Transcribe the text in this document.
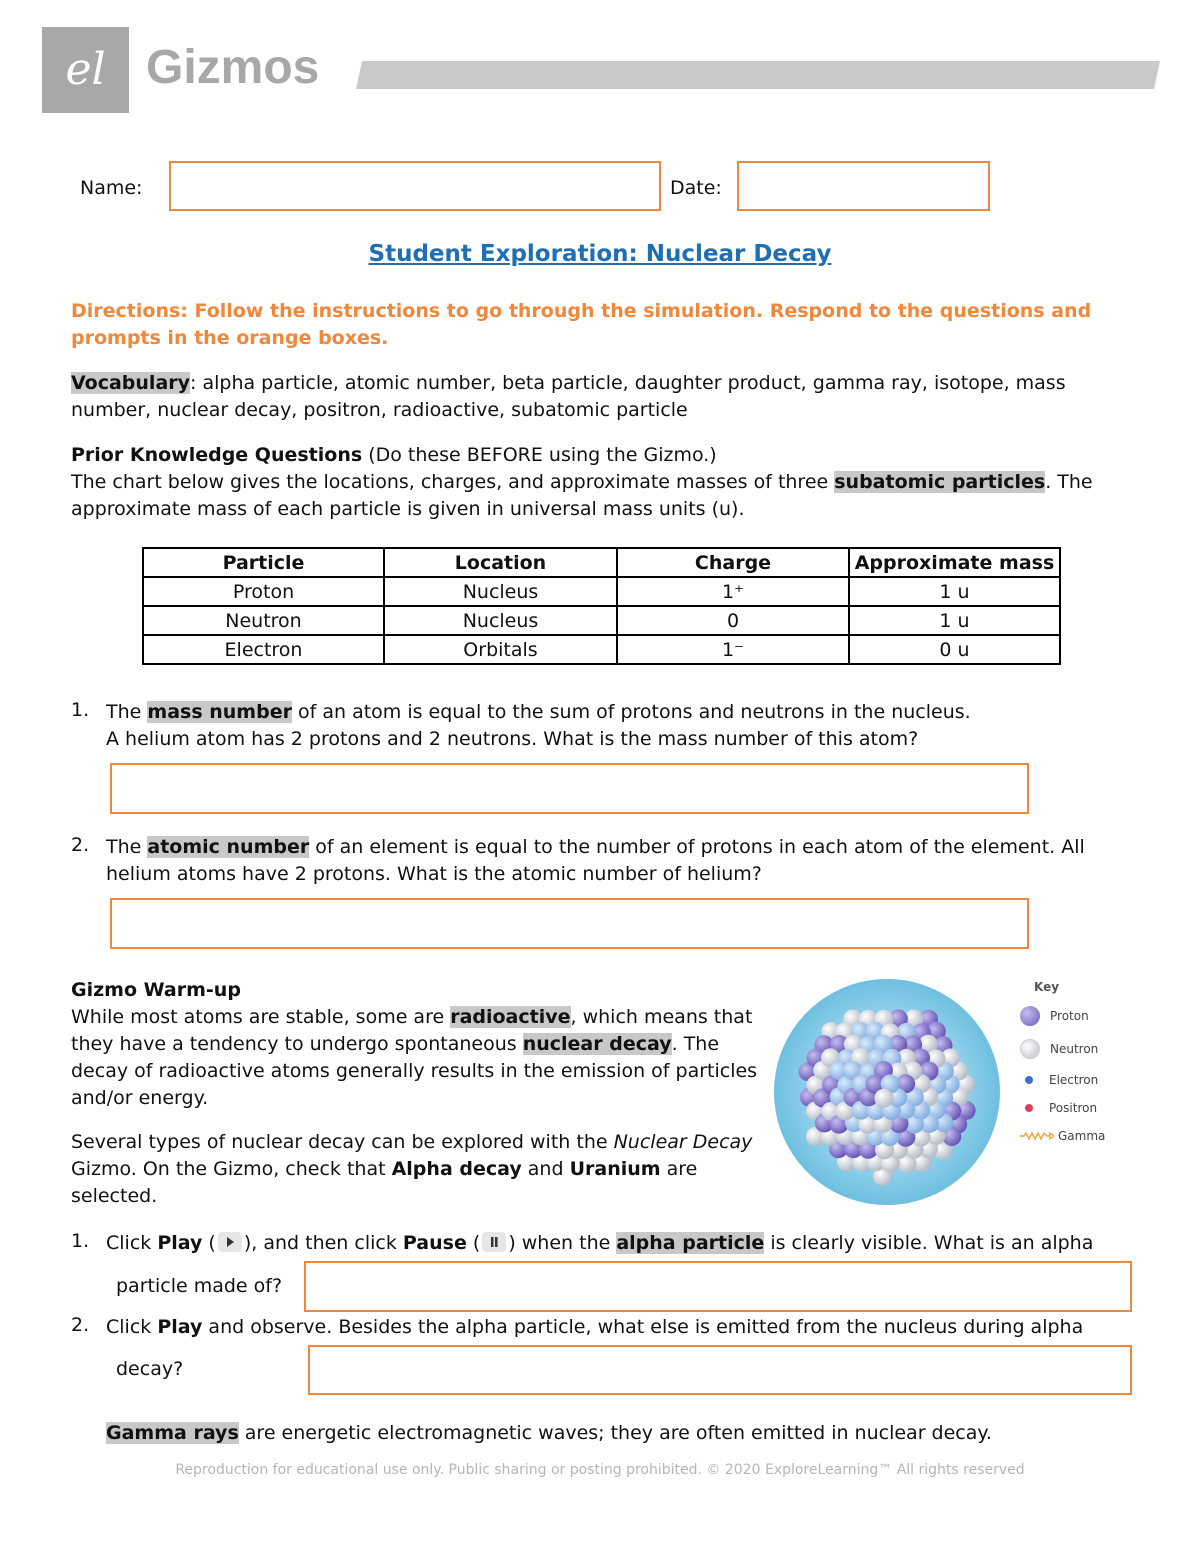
el Gizmos
Name:	Date:
Student Exploration: Nuclear Decay
Directions: Follow the instructions to go through the simulation. Respond to the questions and prompts in the orange boxes.
Vocabulary: alpha particle, atomic number, beta particle, daughter product, gamma ray, isotope, mass number, nuclear decay, positron, radioactive, subatomic particle
Prior Knowledge Questions (Do these BEFORE using the Gizmo.)
The chart below gives the locations, charges, and approximate masses of three subatomic particles. The approximate mass of each particle is given in universal mass units (u).
Particle	Location	Charge	Approximate mass
Proton	Nucleus	1⁺	1 u
Neutron	Nucleus	0	1 u
Electron	Orbitals	1⁻	0 u
1. The mass number of an atom is equal to the sum of protons and neutrons in the nucleus.
A helium atom has 2 protons and 2 neutrons. What is the mass number of this atom?
2. The atomic number of an element is equal to the number of protons in each atom of the element. All helium atoms have 2 protons. What is the atomic number of helium?
Gizmo Warm-up
While most atoms are stable, some are radioactive, which means that they have a tendency to undergo spontaneous nuclear decay. The decay of radioactive atoms generally results in the emission of particles and/or energy.
Several types of nuclear decay can be explored with the Nuclear Decay Gizmo. On the Gizmo, check that Alpha decay and Uranium are selected.
Key
Proton
Neutron
Electron
Positron
Gamma
1. Click Play ( ), and then click Pause ( ) when the alpha particle is clearly visible. What is an alpha
particle made of?
2. Click Play and observe. Besides the alpha particle, what else is emitted from the nucleus during alpha
decay?
Gamma rays are energetic electromagnetic waves; they are often emitted in nuclear decay.
Reproduction for educational use only. Public sharing or posting prohibited. © 2020 ExploreLearning™ All rights reserved
